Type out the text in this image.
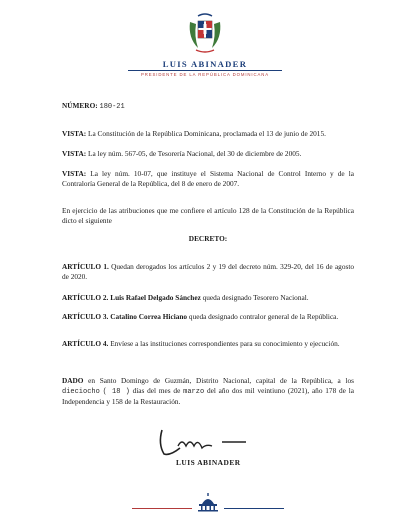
LUIS ABINADER
PRESIDENTE DE LA REPÚBLICA DOMINICANA
NÚMERO: 180-21
VISTA: La Constitución de la República Dominicana, proclamada el 13 de junio de 2015.
VISTA: La ley núm. 567-05, de Tesorería Nacional, del 30 de diciembre de 2005.
VISTA: La ley núm. 10-07, que instituye el Sistema Nacional de Control Interno y de la Contraloría General de la República, del 8 de enero de 2007.
En ejercicio de las atribuciones que me confiere el artículo 128 de la Constitución de la República dicto el siguiente
DECRETO:
ARTÍCULO 1. Quedan derogados los artículos 2 y 19 del decreto núm. 329-20, del 16 de agosto de 2020.
ARTÍCULO 2. Luis Rafael Delgado Sánchez queda designado Tesorero Nacional.
ARTÍCULO 3. Catalino Correa Hiciano queda designado contralor general de la República.
ARTÍCULO 4. Envíese a las instituciones correspondientes para su conocimiento y ejecución.
DADO en Santo Domingo de Guzmán, Distrito Nacional, capital de la República, a los dieciocho ( 18 ) días del mes de marzo del año dos mil veintiuno (2021), año 178 de la Independencia y 158 de la Restauración.
LUIS ABINADER
